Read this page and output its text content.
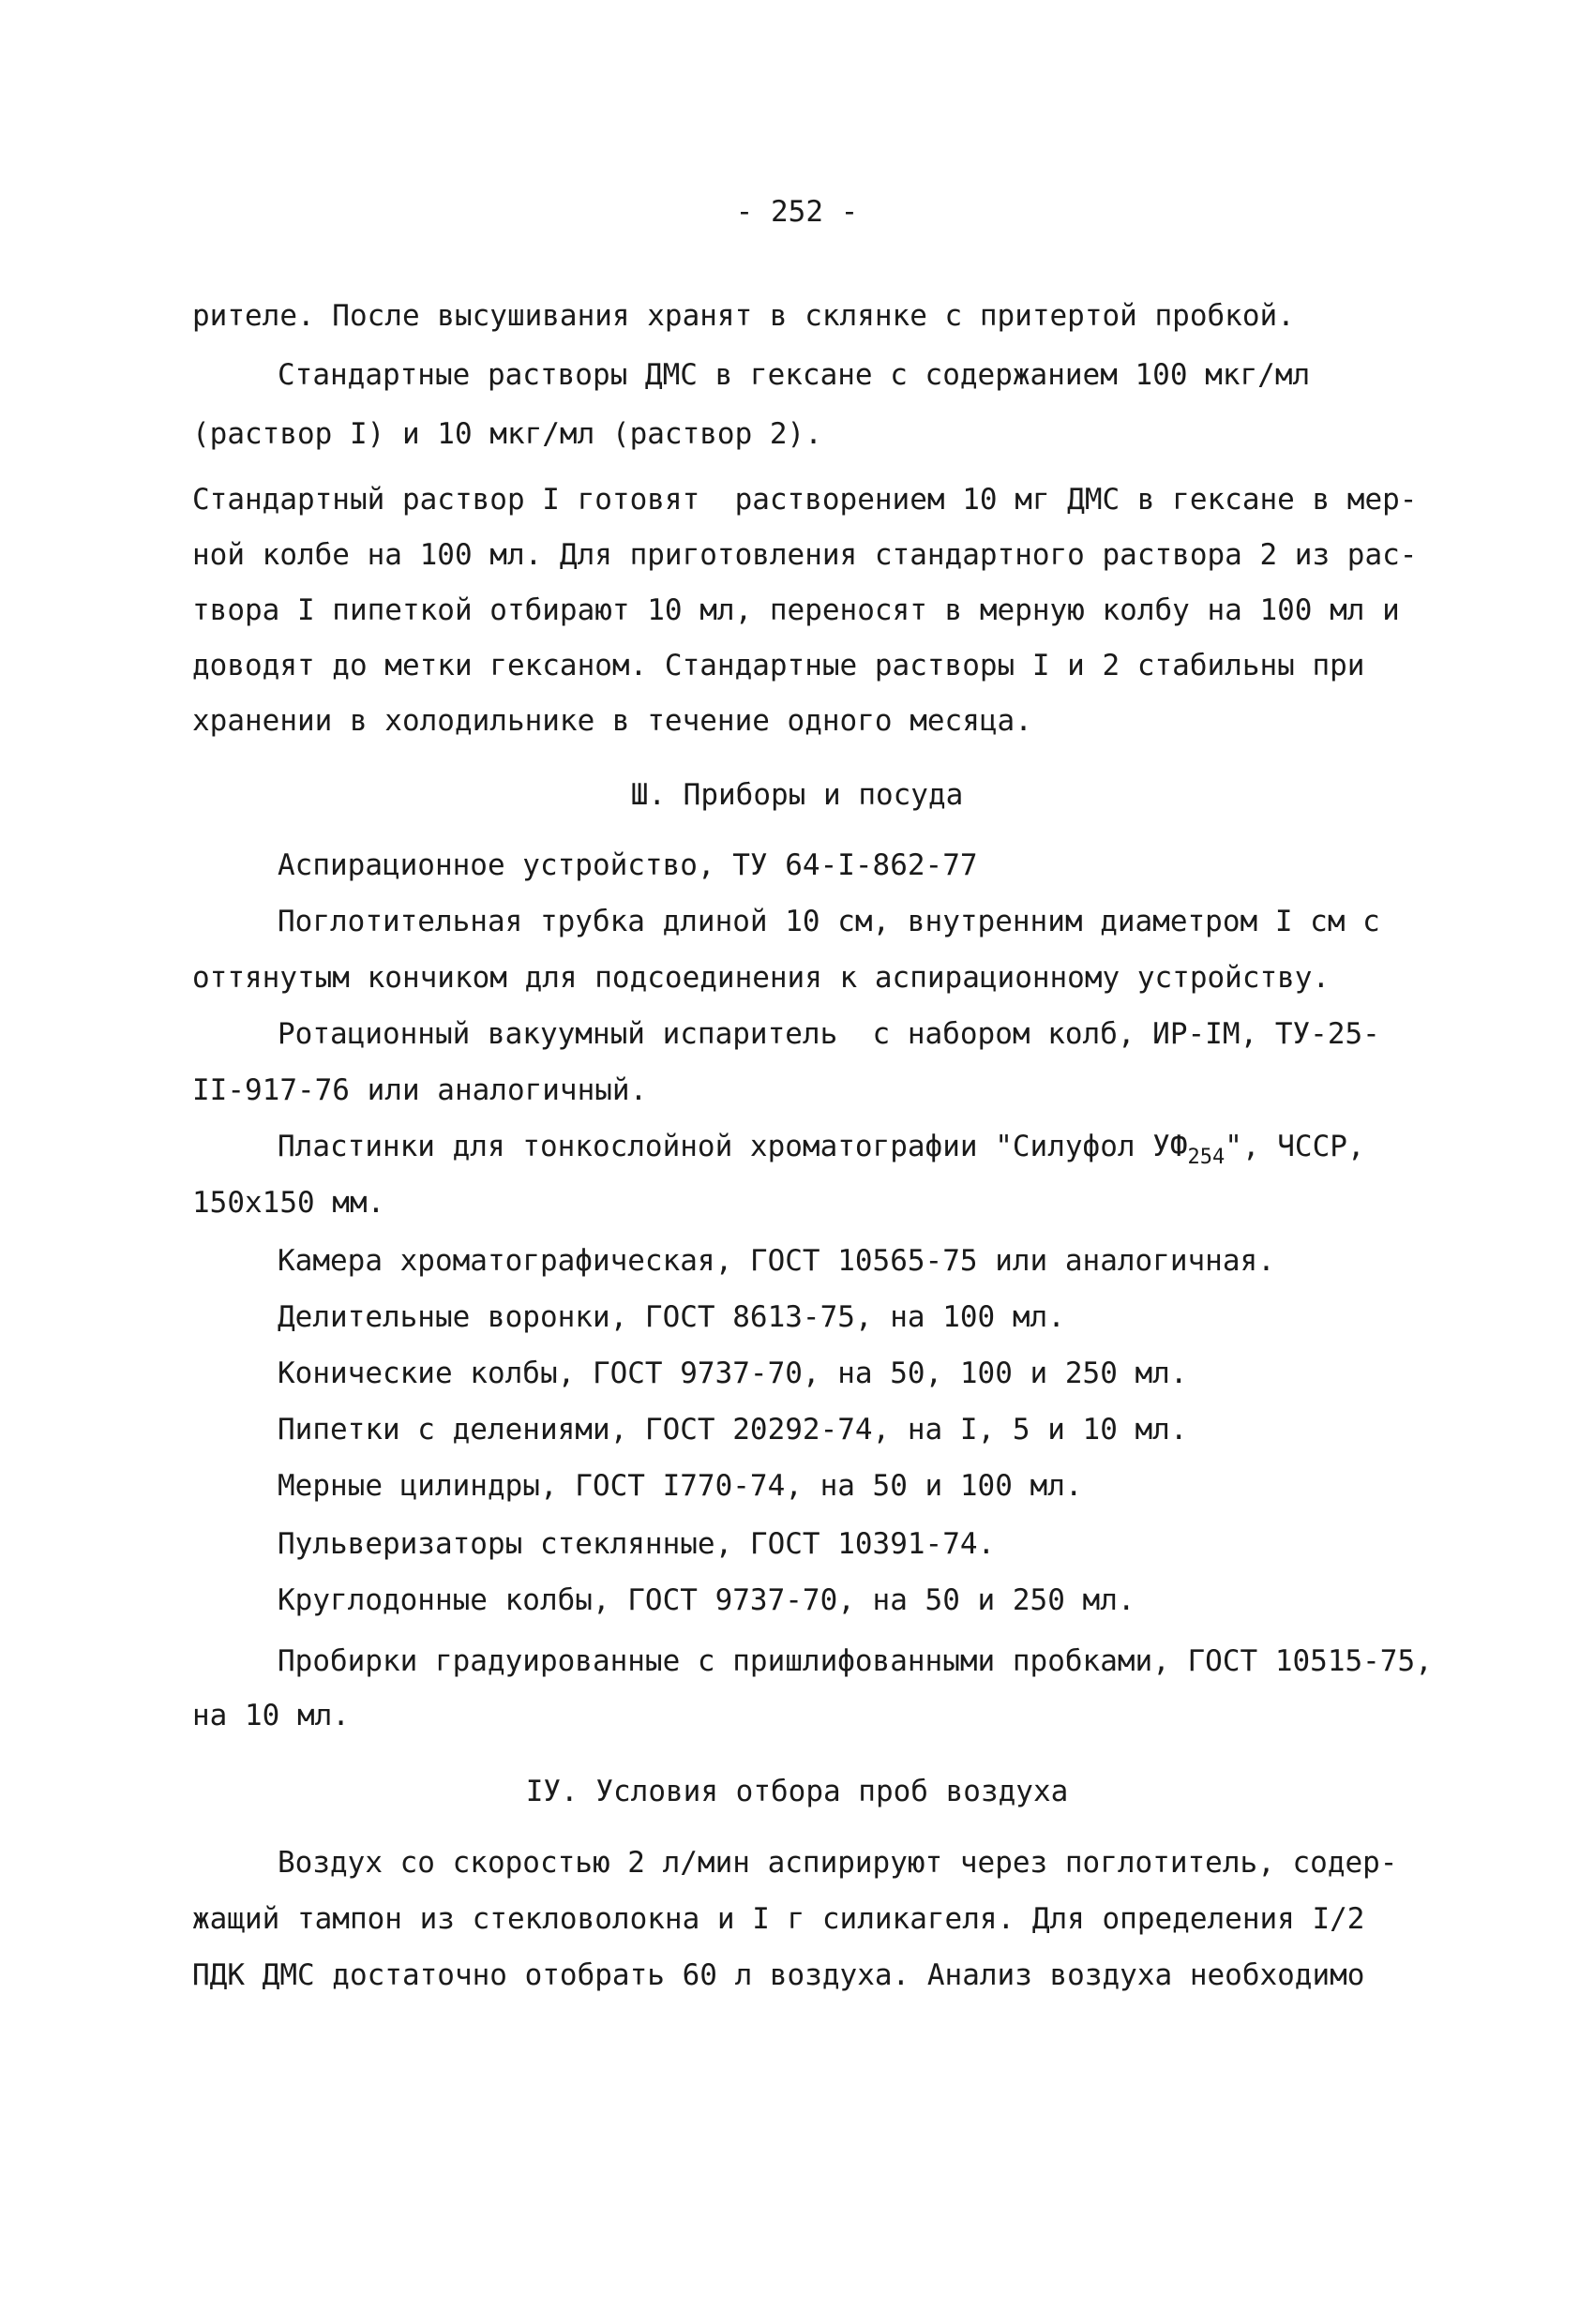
- 252 -
рителе. После высушивания хранят в склянке с притертой пробкой.
Стандартные растворы ДМС в гексане с содержанием 100 мкг/мл
(раствор I) и 10 мкг/мл (раствор 2).
Стандартный раствор I готовят  растворением 10 мг ДМС в гексане в мер-
ной колбе на 100 мл. Для приготовления стандартного раствора 2 из рас-
твора I пипеткой отбирают 10 мл, переносят в мерную колбу на 100 мл и
доводят до метки гексаном. Стандартные растворы I и 2 стабильны при
хранении в холодильнике в течение одного месяца.
Ш. Приборы и посуда
Аспирационное устройство, ТУ 64-I-862-77
Поглотительная трубка длиной 10 см, внутренним диаметром I см с
оттянутым кончиком для подсоединения к аспирационному устройству.
Ротационный вакуумный испаритель  с набором колб, ИР-IМ, ТУ-25-
II-917-76 или аналогичный.
Пластинки для тонкослойной хроматографии "Силуфол $УФ_{254}$", ЧССР,
150х150 мм.
Камера хроматографическая, ГОСТ 10565-75 или аналогичная.
Делительные воронки, ГОСТ 8613-75, на 100 мл.
Конические колбы, ГОСТ 9737-70, на 50, 100 и 250 мл.
Пипетки с делениями, ГОСТ 20292-74, на I, 5 и 10 мл.
Мерные цилиндры, ГОСТ I770-74, на 50 и 100 мл.
Пульверизаторы стеклянные, ГОСТ 10391-74.
Круглодонные колбы, ГОСТ 9737-70, на 50 и 250 мл.
Пробирки градуированные с пришлифованными пробками, ГОСТ 10515-75,
на 10 мл.
IУ. Условия отбора проб воздуха
Воздух со скоростью 2 л/мин аспирируют через поглотитель, содер-
жащий тампон из стекловолокна и I г силикагеля. Для определения I/2
ПДК ДМС достаточно отобрать 60 л воздуха. Анализ воздуха необходимо
